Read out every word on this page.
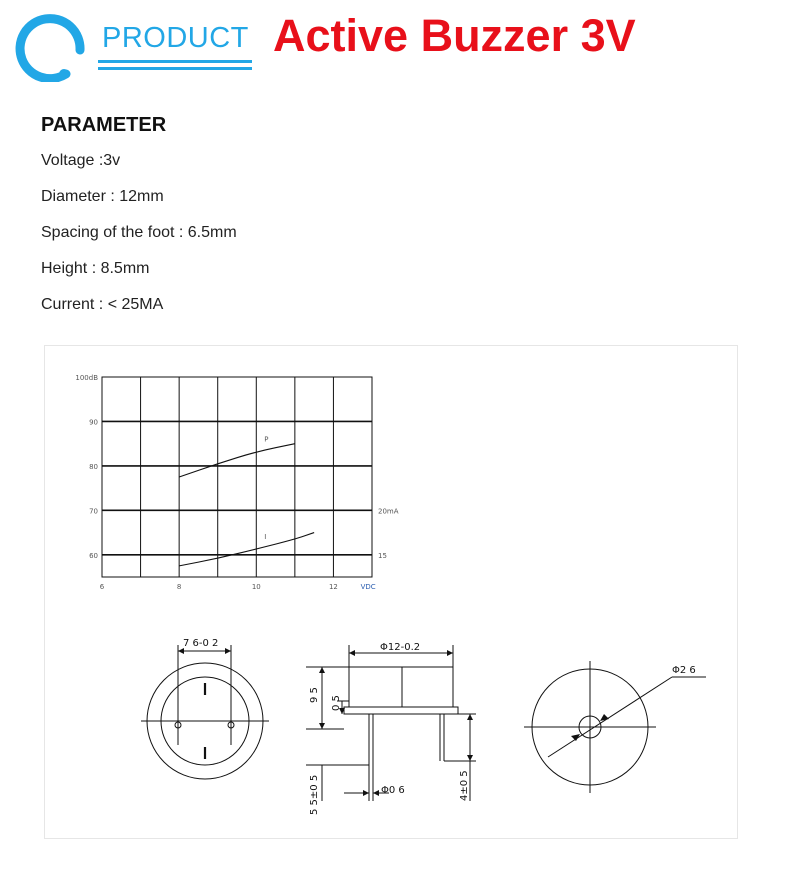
PRODUCT Active Buzzer 3V
PARAMETER
Voltage :3v
Diameter : 12mm
Spacing of the foot : 6.5mm
Height : 8.5mm
Current : < 25MA
P
I
100dB
90
80
70
60
20mA
15
6	8	10	12	VDC
7 6-0 2	Φ12-0.2
9 5
0 5
5 5±0 5	Φ0 6	4±0 5
Φ2 6
